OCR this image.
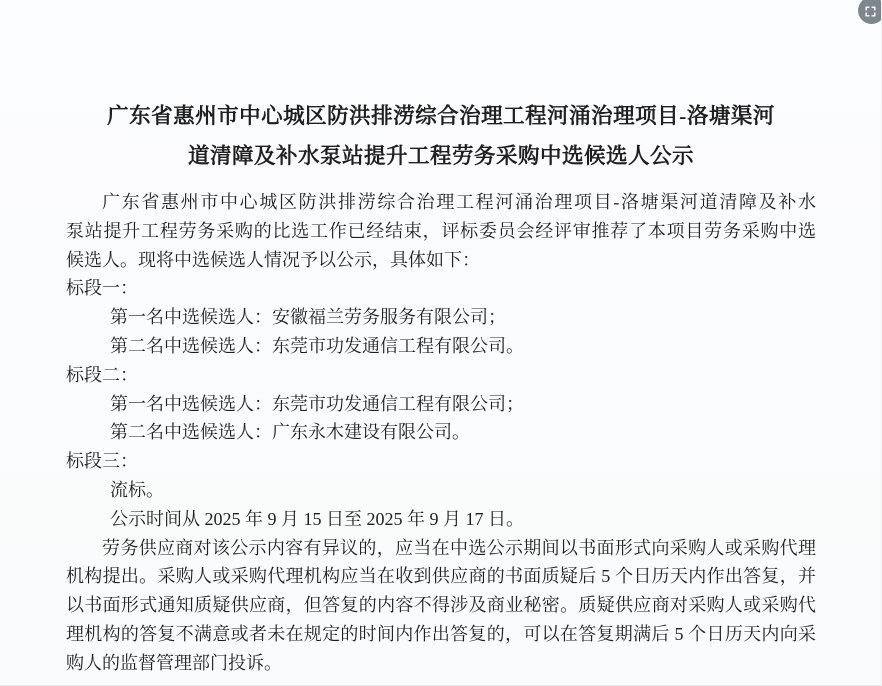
广东省惠州市中心城区防洪排涝综合治理工程河涌治理项目-洛塘渠河
道清障及补水泵站提升工程劳务采购中选候选人公示
广东省惠州市中心城区防洪排涝综合治理工程河涌治理项目-洛塘渠河道清障及补水
泵站提升工程劳务采购的比选工作已经结束，评标委员会经评审推荐了本项目劳务采购中选
候选人。现将中选候选人情况予以公示，具体如下：
标段一：
第一名中选候选人：安徽福兰劳务服务有限公司；
第二名中选候选人：东莞市功发通信工程有限公司。
标段二：
第一名中选候选人：东莞市功发通信工程有限公司；
第二名中选候选人：广东永木建设有限公司。
标段三：
流标。
公示时间从 2025 年 9 月 15 日至 2025 年 9 月 17 日。
劳务供应商对该公示内容有异议的，应当在中选公示期间以书面形式向采购人或采购代理
机构提出。采购人或采购代理机构应当在收到供应商的书面质疑后 5 个日历天内作出答复，并
以书面形式通知质疑供应商，但答复的内容不得涉及商业秘密。质疑供应商对采购人或采购代
理机构的答复不满意或者未在规定的时间内作出答复的，可以在答复期满后 5 个日历天内向采
购人的监督管理部门投诉。
